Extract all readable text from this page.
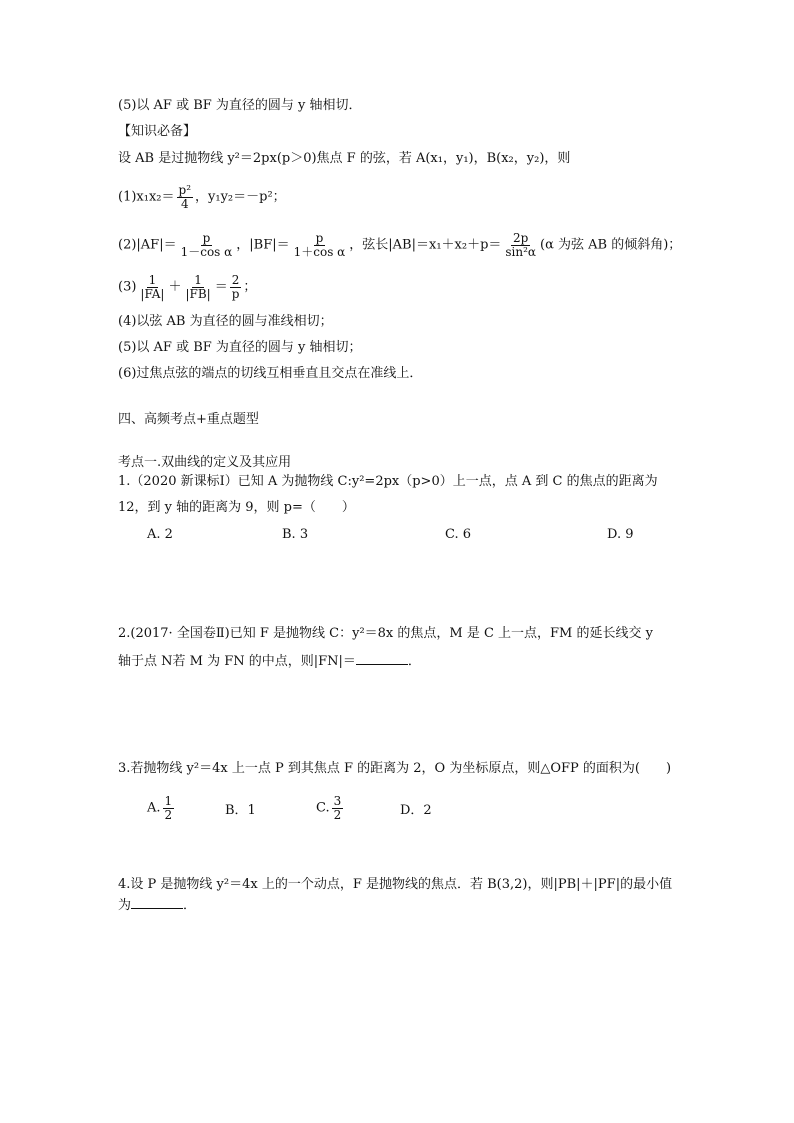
(5)以 AF 或 BF 为直径的圆与 y 轴相切．
【知识必备】
设 AB 是过抛物线 y²＝2px(p＞0)焦点 F 的弦，若 A(x₁，y₁)，B(x₂，y₂)，则
$(1)x_1x_2= \frac{\text{p²}}{4}$ ，y₁y₂＝－p²；
$(2)|AF|= \frac{p}{\text{1－cos α}}$ ，$|BF|= \frac{p}{\text{1＋cos α}}$ ，弦长$|AB|=x_1+x_2+p= \frac{2p}{\text{sin²α}} (\alpha$ 为弦 AB 的倾斜角)；
$(3) \frac{1}{|FA|} + \frac{1}{|FB|} = \frac{2}{p}$ ；
(4)以弦 AB 为直径的圆与准线相切；
(5)以 AF 或 BF 为直径的圆与 y 轴相切；
(6)过焦点弦的端点的切线互相垂直且交点在准线上．
四、高频考点+重点题型
考点一.双曲线的定义及其应用
1.（2020 新课标Ⅰ）已知 A 为抛物线 C:y²=2px（p>0）上一点，点 A 到 C 的焦点的距离为
12，到 y 轴的距离为 9，则 p=（　　）
A. 2	B. 3	C. 6	D. 9
2.(2017· 全国卷Ⅱ)已知 F 是抛物线 C：y²＝8x 的焦点，M 是 C 上一点，FM 的延长线交 y
轴于点 N若 M 为 FN 的中点，则|FN|＝	．
3.若抛物线 y²＝4x 上一点 P 到其焦点 F 的距离为 2，O 为坐标原点，则△OFP 的面积为(　　)
A. $\frac{1}{2}$	B．1	C. $\frac{3}{2}$	D．2
4.设 P 是抛物线 y²＝4x 上的一个动点，F 是抛物线的焦点．若 B(3,2)，则|PB|＋|PF|的最小值
为	．
